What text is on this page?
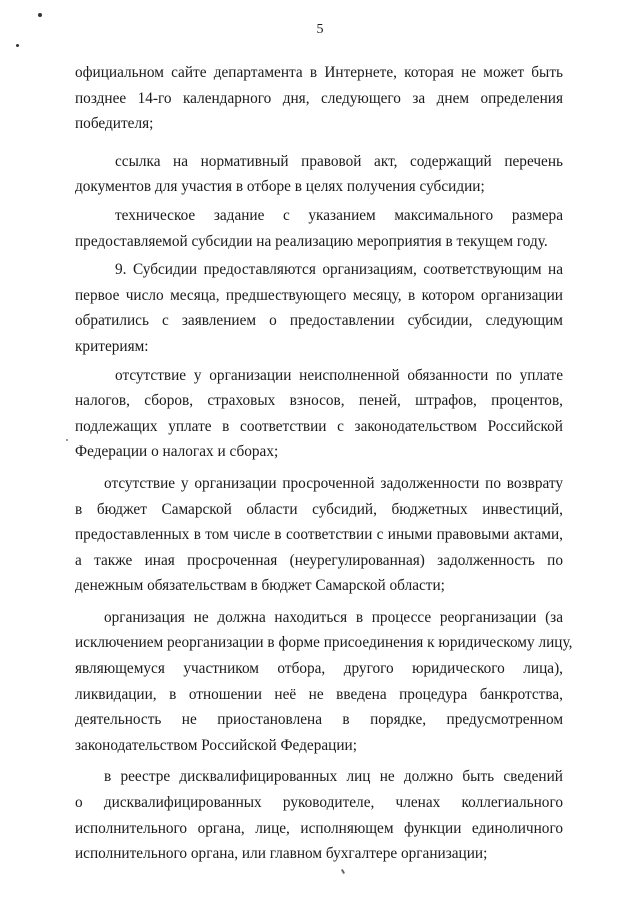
5
официальном сайте департамента в Интернете, которая не может быть
позднее 14-го календарного дня, следующего за днем определения
победителя;
ссылка на нормативный правовой акт, содержащий перечень
документов для участия в отборе в целях получения субсидии;
техническое задание с указанием максимального размера
предоставляемой субсидии на реализацию мероприятия в текущем году.
9. Субсидии предоставляются организациям, соответствующим на
первое число месяца, предшествующего месяцу, в котором организации
обратились с заявлением о предоставлении субсидии, следующим
критериям:
отсутствие у организации неисполненной обязанности по уплате
налогов, сборов, страховых взносов, пеней, штрафов, процентов,
подлежащих уплате в соответствии с законодательством Российской
Федерации о налогах и сборах;
отсутствие у организации просроченной задолженности по возврату
в бюджет Самарской области субсидий, бюджетных инвестиций,
предоставленных в том числе в соответствии с иными правовыми актами,
а также иная просроченная (неурегулированная) задолженность по
денежным обязательствам в бюджет Самарской области;
организация не должна находиться в процессе реорганизации (за
исключением реорганизации в форме присоединения к юридическому лицу,
являющемуся участником отбора, другого юридического лица),
ликвидации, в отношении неё не введена процедура банкротства,
деятельность не приостановлена в порядке, предусмотренном
законодательством Российской Федерации;
в реестре дисквалифицированных лиц не должно быть сведений
о дисквалифицированных руководителе, членах коллегиального
исполнительного органа, лице, исполняющем функции единоличного
исполнительного органа, или главном бухгалтере организации;
